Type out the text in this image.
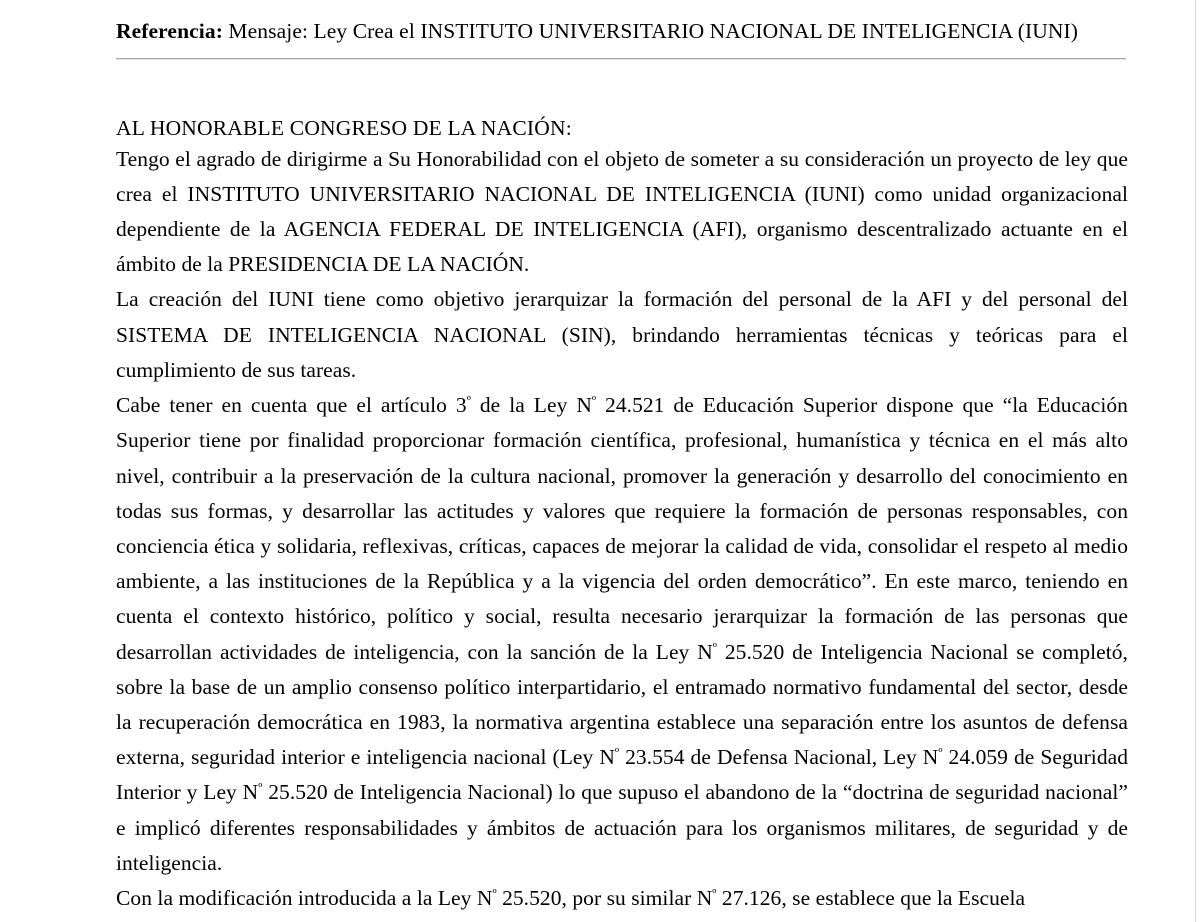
Referencia: Mensaje: Ley Crea el INSTITUTO UNIVERSITARIO NACIONAL DE INTELIGENCIA (IUNI)
AL HONORABLE CONGRESO DE LA NACIÓN:

Tengo el agrado de dirigirme a Su Honorabilidad con el objeto de someter a su consideración un proyecto de ley que crea el INSTITUTO UNIVERSITARIO NACIONAL DE INTELIGENCIA (IUNI) como unidad organizacional dependiente de la AGENCIA FEDERAL DE INTELIGENCIA (AFI), organismo descentralizado actuante en el ámbito de la PRESIDENCIA DE LA NACIÓN.

La creación del IUNI tiene como objetivo jerarquizar la formación del personal de la AFI y del personal del SISTEMA DE INTELIGENCIA NACIONAL (SIN), brindando herramientas técnicas y teóricas para el cumplimiento de sus tareas.

Cabe tener en cuenta que el artículo $3^º$ de la Ley $N^º$ 24.521 de Educación Superior dispone que “la Educación Superior tiene por finalidad proporcionar formación científica, profesional, humanística y técnica en el más alto nivel, contribuir a la preservación de la cultura nacional, promover la generación y desarrollo del conocimiento en todas sus formas, y desarrollar las actitudes y valores que requiere la formación de personas responsables, con conciencia ética y solidaria, reflexivas, críticas, capaces de mejorar la calidad de vida, consolidar el respeto al medio ambiente, a las instituciones de la República y a la vigencia del orden democrático”. En este marco, teniendo en cuenta el contexto histórico, político y social, resulta necesario jerarquizar la formación de las personas que desarrollan actividades de inteligencia, con la sanción de la Ley $N^º$ 25.520 de Inteligencia Nacional se completó, sobre la base de un amplio consenso político interpartidario, el entramado normativo fundamental del sector, desde la recuperación democrática en 1983, la normativa argentina establece una separación entre los asuntos de defensa externa, seguridad interior e inteligencia nacional (Ley $N^º$ 23.554 de Defensa Nacional, Ley $N^º$ 24.059 de Seguridad Interior y Ley $N^º$ 25.520 de Inteligencia Nacional) lo que supuso el abandono de la “doctrina de seguridad nacional” e implicó diferentes responsabilidades y ámbitos de actuación para los organismos militares, de seguridad y de inteligencia.

Con la modificación introducida a la Ley $N^º$ 25.520, por su similar $N^º$ 27.126, se establece que la Escuela
